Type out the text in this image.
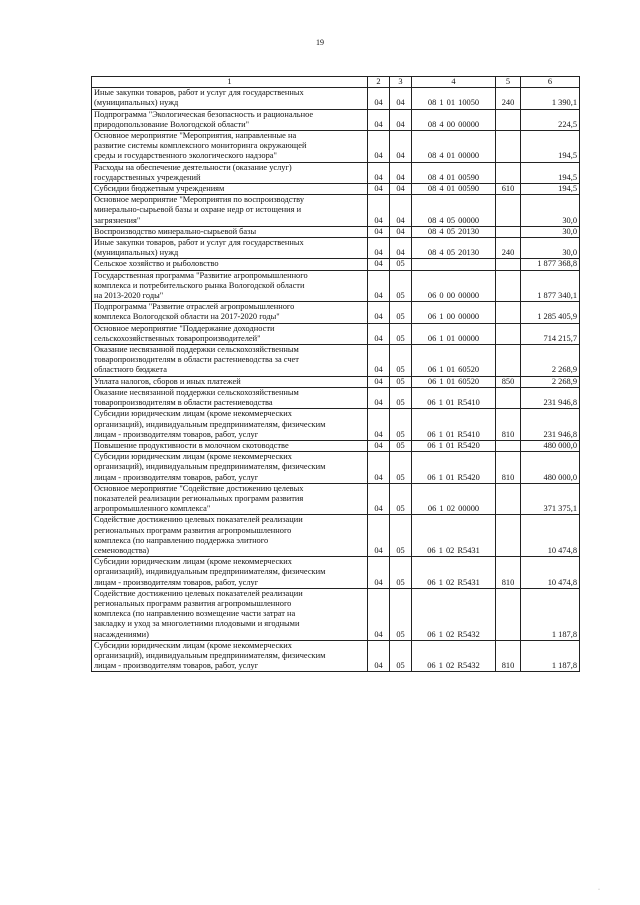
19
1	2	3	4	5	6
Иные закупки товаров, работ и услуг для государственных
(муниципальных) нужд	04	04	08 1 01 10050	240	1 390,1
Подпрограмма "Экологическая безопасность и рациональное
природопользование Вологодской области"	04	04	08 4 00 00000		224,5
Основное мероприятие "Мероприятия, направленные на
развитие системы комплексного мониторинга окружающей
среды и государственного экологического надзора"	04	04	08 4 01 00000		194,5
Расходы на обеспечение деятельности (оказание услуг)
государственных учреждений	04	04	08 4 01 00590		194,5
Субсидии бюджетным учреждениям	04	04	08 4 01 00590	610	194,5
Основное мероприятие "Мероприятия по воспроизводству
минерально-сырьевой базы и охране недр от истощения и
загрязнения"	04	04	08 4 05 00000		30,0
Воспроизводство минерально-сырьевой базы	04	04	08 4 05 20130		30,0
Иные закупки товаров, работ и услуг для государственных
(муниципальных) нужд	04	04	08 4 05 20130	240	30,0
Сельское хозяйство и рыболовство	04	05			1 877 368,8
Государственная программа "Развитие агропромышленного
комплекса и потребительского рынка Вологодской области
на 2013-2020 годы"	04	05	06 0 00 00000		1 877 340,1
Подпрограмма "Развитие отраслей агропромышленного
комплекса Вологодской области на 2017-2020 годы"	04	05	06 1 00 00000		1 285 405,9
Основное мероприятие "Поддержание доходности
сельскохозяйственных товаропроизводителей"	04	05	06 1 01 00000		714 215,7
Оказание несвязанной поддержки сельскохозяйственным
товаропроизводителям в области растениеводства за счет
областного бюджета	04	05	06 1 01 60520		2 268,9
Уплата налогов, сборов и иных платежей	04	05	06 1 01 60520	850	2 268,9
Оказание несвязанной поддержки сельскохозяйственным
товаропроизводителям в области растениеводства	04	05	06 1 01 R5410		231 946,8
Субсидии юридическим лицам (кроме некоммерческих
организаций), индивидуальным предпринимателям, физическим
лицам - производителям товаров, работ, услуг	04	05	06 1 01 R5410	810	231 946,8
Повышение продуктивности в молочном скотоводстве	04	05	06 1 01 R5420		480 000,0
Субсидии юридическим лицам (кроме некоммерческих
организаций), индивидуальным предпринимателям, физическим
лицам - производителям товаров, работ, услуг	04	05	06 1 01 R5420	810	480 000,0
Основное мероприятие "Содействие достижению целевых
показателей реализации региональных программ развития
агропромышленного комплекса"	04	05	06 1 02 00000		371 375,1
Содействие достижению целевых показателей реализации
региональных программ развития агропромышленного
комплекса (по направлению поддержка элитного
семеноводства)	04	05	06 1 02 R5431		10 474,8
Субсидии юридическим лицам (кроме некоммерческих
организаций), индивидуальным предпринимателям, физическим
лицам - производителям товаров, работ, услуг	04	05	06 1 02 R5431	810	10 474,8
Содействие достижению целевых показателей реализации
региональных программ развития агропромышленного
комплекса (по направлению возмещение части затрат на
закладку и уход за многолетними плодовыми и ягодными
насаждениями)	04	05	06 1 02 R5432		1 187,8
Субсидии юридическим лицам (кроме некоммерческих
организаций), индивидуальным предпринимателям, физическим
лицам - производителям товаров, работ, услуг	04	05	06 1 02 R5432	810	1 187,8
·
